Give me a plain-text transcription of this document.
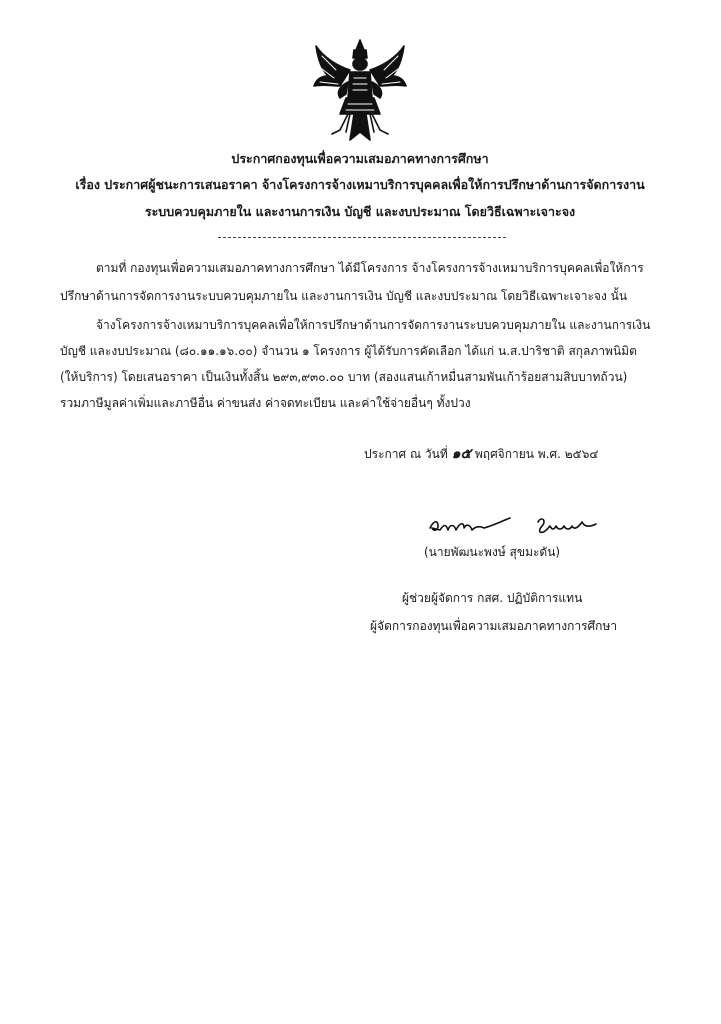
ประกาศกองทุนเพื่อความเสมอภาคทางการศึกษา
เรื่อง ประกาศผู้ชนะการเสนอราคา จ้างโครงการจ้างเหมาบริการบุคคลเพื่อให้การปรึกษาด้านการจัดการงาน
ระบบควบคุมภายใน และงานการเงิน บัญชี และงบประมาณ โดยวิธีเฉพาะเจาะจง
ตามที่ กองทุนเพื่อความเสมอภาคทางการศึกษา ได้มีโครงการ จ้างโครงการจ้างเหมาบริการบุคคลเพื่อให้การ
ปรึกษาด้านการจัดการงานระบบควบคุมภายใน และงานการเงิน บัญชี และงบประมาณ โดยวิธีเฉพาะเจาะจง นั้น
จ้างโครงการจ้างเหมาบริการบุคคลเพื่อให้การปรึกษาด้านการจัดการงานระบบควบคุมภายใน และงานการเงิน
บัญชี และงบประมาณ (๘๐.๑๑.๑๖.๐๐) จำนวน ๑ โครงการ ผู้ได้รับการคัดเลือก ได้แก่ น.ส.ปาริชาติ สกุลภาพนิมิต
(ให้บริการ) โดยเสนอราคา เป็นเงินทั้งสิ้น ๒๙๓,๙๓๐.๐๐ บาท (สองแสนเก้าหมื่นสามพันเก้าร้อยสามสิบบาทถ้วน)
รวมภาษีมูลค่าเพิ่มและภาษีอื่น ค่าขนส่ง ค่าจดทะเบียน และค่าใช้จ่ายอื่นๆ ทั้งปวง
ประกาศ ณ วันที่ ๑๕ พฤศจิกายน พ.ศ. ๒๕๖๔
(นายพัฒนะพงษ์ สุขมะดัน)
ผู้ช่วยผู้จัดการ กสศ. ปฏิบัติการแทน
ผู้จัดการกองทุนเพื่อความเสมอภาคทางการศึกษา
